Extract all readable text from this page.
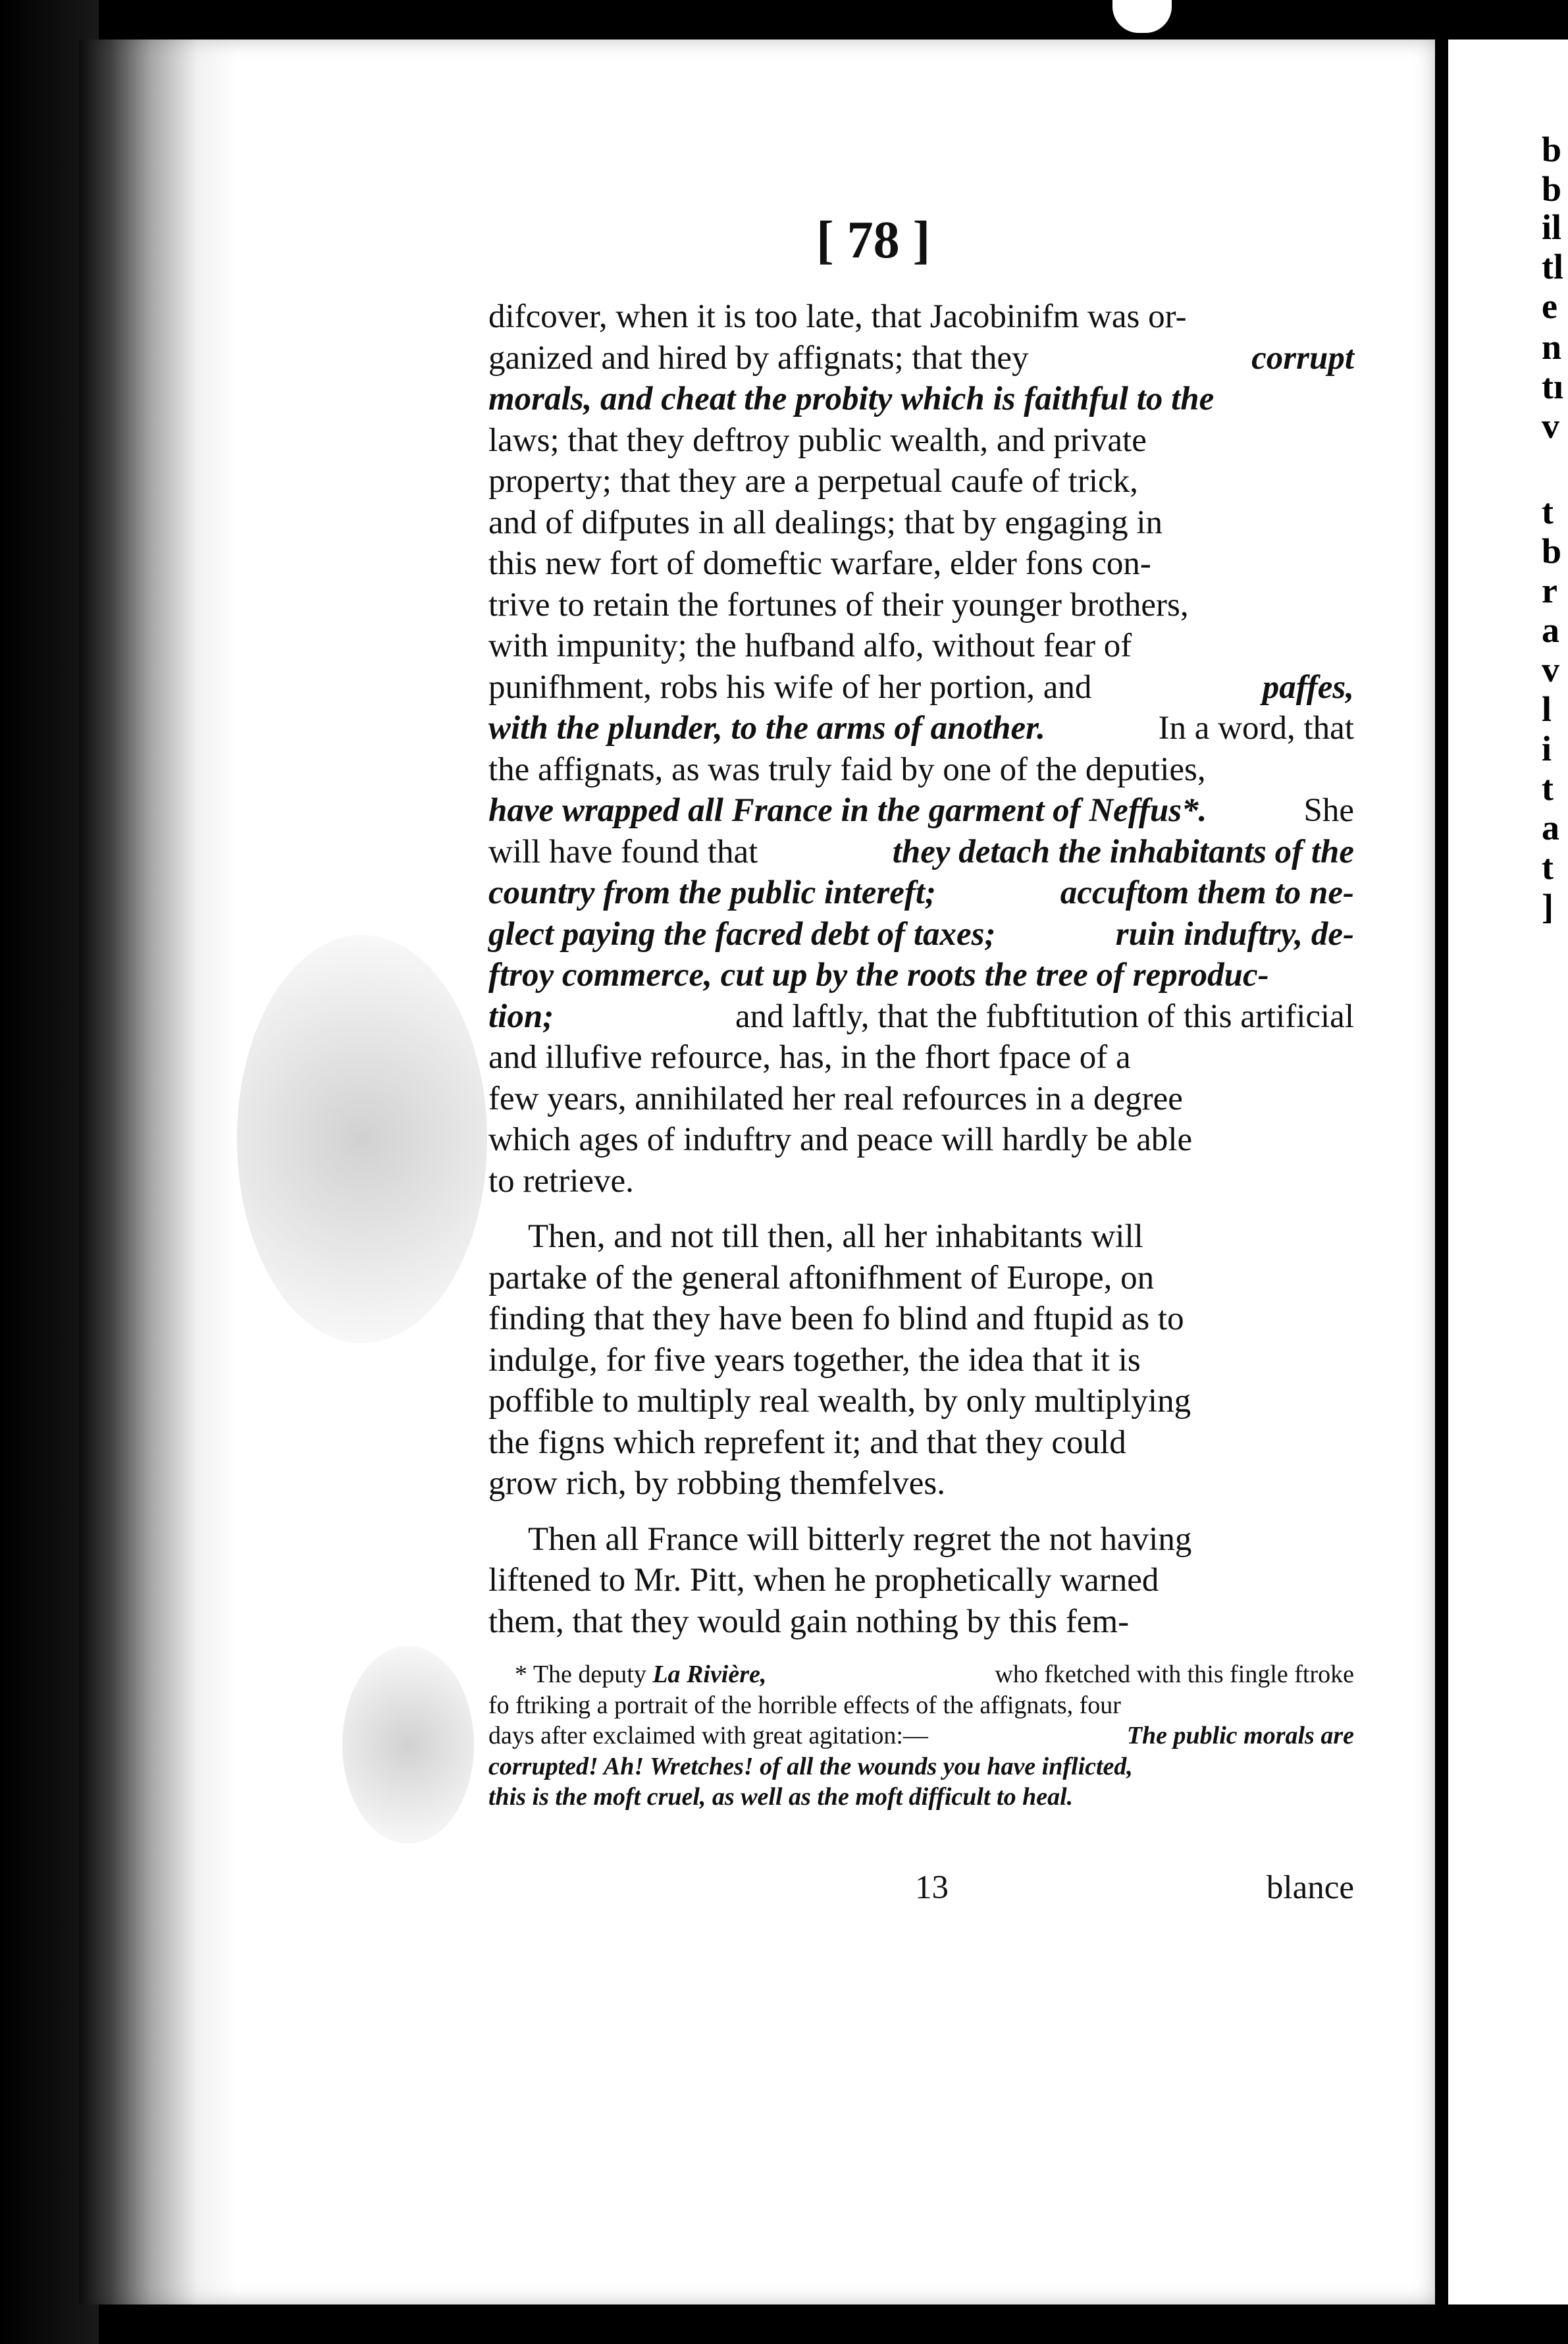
b
b
il
tl
e
n
tı
v
t
b
r
a
v
l
i
t
a
t
]
[ 78 ]
difcover, when it is too late, that Jacobinifm was or-
ganized and hired by affignats; that they	corrupt
morals, and cheat the probity which is faithful to the
laws; that they deftroy public wealth, and private
property; that they are a perpetual caufe of trick,
and of difputes in all dealings; that by engaging in
this new fort of domeftic warfare, elder fons con-
trive to retain the fortunes of their younger brothers,
with impunity; the hufband alfo, without fear of
punifhment, robs his wife of her portion, and	paffes,
with the plunder, to the arms of another.	In a word, that
the affignats, as was truly faid by one of the deputies,
have wrapped all France in the garment of Neffus*.	She
will have found that	they detach the inhabitants of the
country from the public intereft;	accuftom them to ne-
glect paying the facred debt of taxes;	ruin induftry, de-
ftroy commerce, cut up by the roots the tree of reproduc-
tion;	and laftly, that the fubftitution of this artificial
and illufive refource, has, in the fhort fpace of a
few years, annihilated her real refources in a degree
which ages of induftry and peace will hardly be able
to retrieve.
Then, and not till then, all her inhabitants will
partake of the general aftonifhment of Europe, on
finding that they have been fo blind and ftupid as to
indulge, for five years together, the idea that it is
poffible to multiply real wealth, by only multiplying
the figns which reprefent it; and that they could
grow rich, by robbing themfelves.
Then all France will bitterly regret the not having
liftened to Mr. Pitt, when he prophetically warned
them, that they would gain nothing by this fem-
* The deputy La Rivière,	who fketched with this fingle ftroke
fo ftriking a portrait of the horrible effects of the affignats, four
days after exclaimed with great agitation:—	The public morals are
corrupted! Ah! Wretches! of all the wounds you have inflicted,
this is the moft cruel, as well as the moft difficult to heal.
13	blance
